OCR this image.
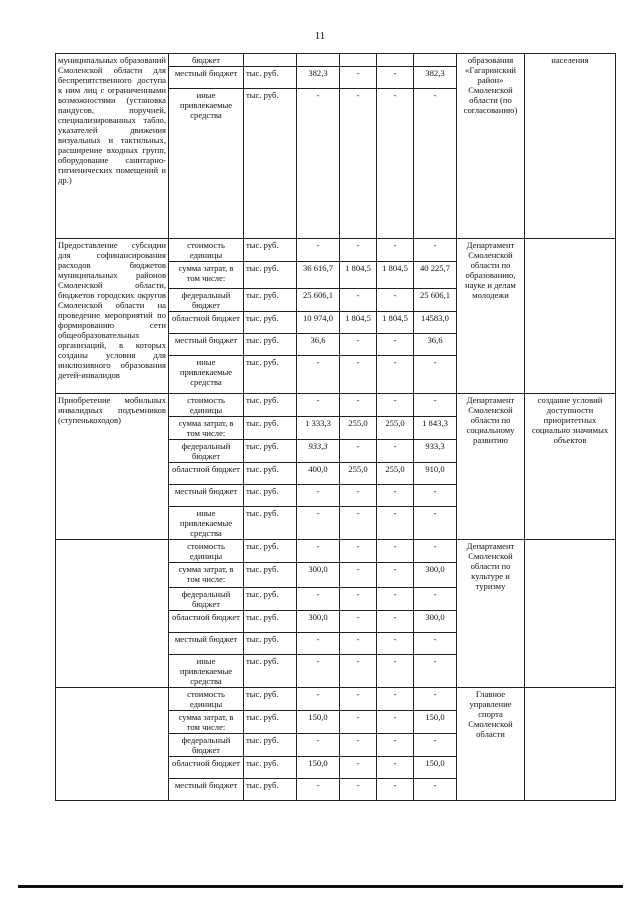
11
муниципальных образований Смоленской области для беспрепятственного доступа к ним лиц с ограниченными возможностями (установка пандусов, поручней, специализированных табло, указателей движения визуальных и тактильных, расширение входных групп, оборудование санитарно-гигиенических помещений и др.)	бюджет						образования «Гагаринский район» Смоленской области (по согласованию)	населения
	местный бюджет	тыс. руб.	382,3	-	-	382,3		
	иные привлекаемые средства	тыс. руб.	-	-	-	-		
Предоставление субсидии для софинансирования расходов бюджетов муниципальных районов Смоленской области, бюджетов городских округов Смоленской области на проведение мероприятий по формированию сети общеобразовательных организаций, в которых созданы условия для инклюзивного образования детей-инвалидов	стоимость единицы	тыс. руб.	-	-	-	-	Департамент Смоленской области по образованию, науке и делам молодежи	
	сумма затрат, в том числе:	тыс. руб.	36 616,7	1 804,5	1 804,5	40 225,7		
	федеральный бюджет	тыс. руб.	25 606,1	-	-	25 606,1		
	областной бюджет	тыс. руб.	10 974,0	1 804,5	1 804,5	14583,0		
	местный бюджет	тыс. руб.	36,6	-	-	36,6		
	иные привлекаемые средства	тыс. руб.	-	-	-	-		
Приобретение мобильных инвалидных подъемников (ступенькоходов)	стоимость единицы	тыс. руб.	-	-	-	-	Департамент Смоленской области по социальному развитию	создание условий доступности приоритетных социально значимых объектов
	сумма затрат, в том числе:	тыс. руб.	1 333,3	255,0	255,0	1 843,3		
	федеральный бюджет	тыс. руб.	933,3	-	-	933,3		
	областной бюджет	тыс. руб.	400,0	255,0	255,0	910,0		
	местный бюджет	тыс. руб.	-	-	-	-		
	иные привлекаемые средства	тыс. руб.	-	-	-	-		
	стоимость единицы	тыс. руб.	-	-	-	-	Департамент Смоленской области по культуре и туризму	
	сумма затрат, в том числе:	тыс. руб.	300,0	-	-	300,0		
	федеральный бюджет	тыс. руб.	-	-	-	-		
	областной бюджет	тыс. руб.	300,0	-	-	300,0		
	местный бюджет	тыс. руб.	-	-	-	-		
	иные привлекаемые средства	тыс. руб.	-	-	-	-		
	стоимость единицы	тыс. руб.	-	-	-	-	Главное управление спорта Смоленской области	
	сумма затрат, в том числе:	тыс. руб.	150,0	-	-	150,0		
	федеральный бюджет	тыс. руб.	-	-	-	-		
	областной бюджет	тыс. руб.	150,0	-	-	150,0		
	местный бюджет	тыс. руб.	-	-	-	-		
